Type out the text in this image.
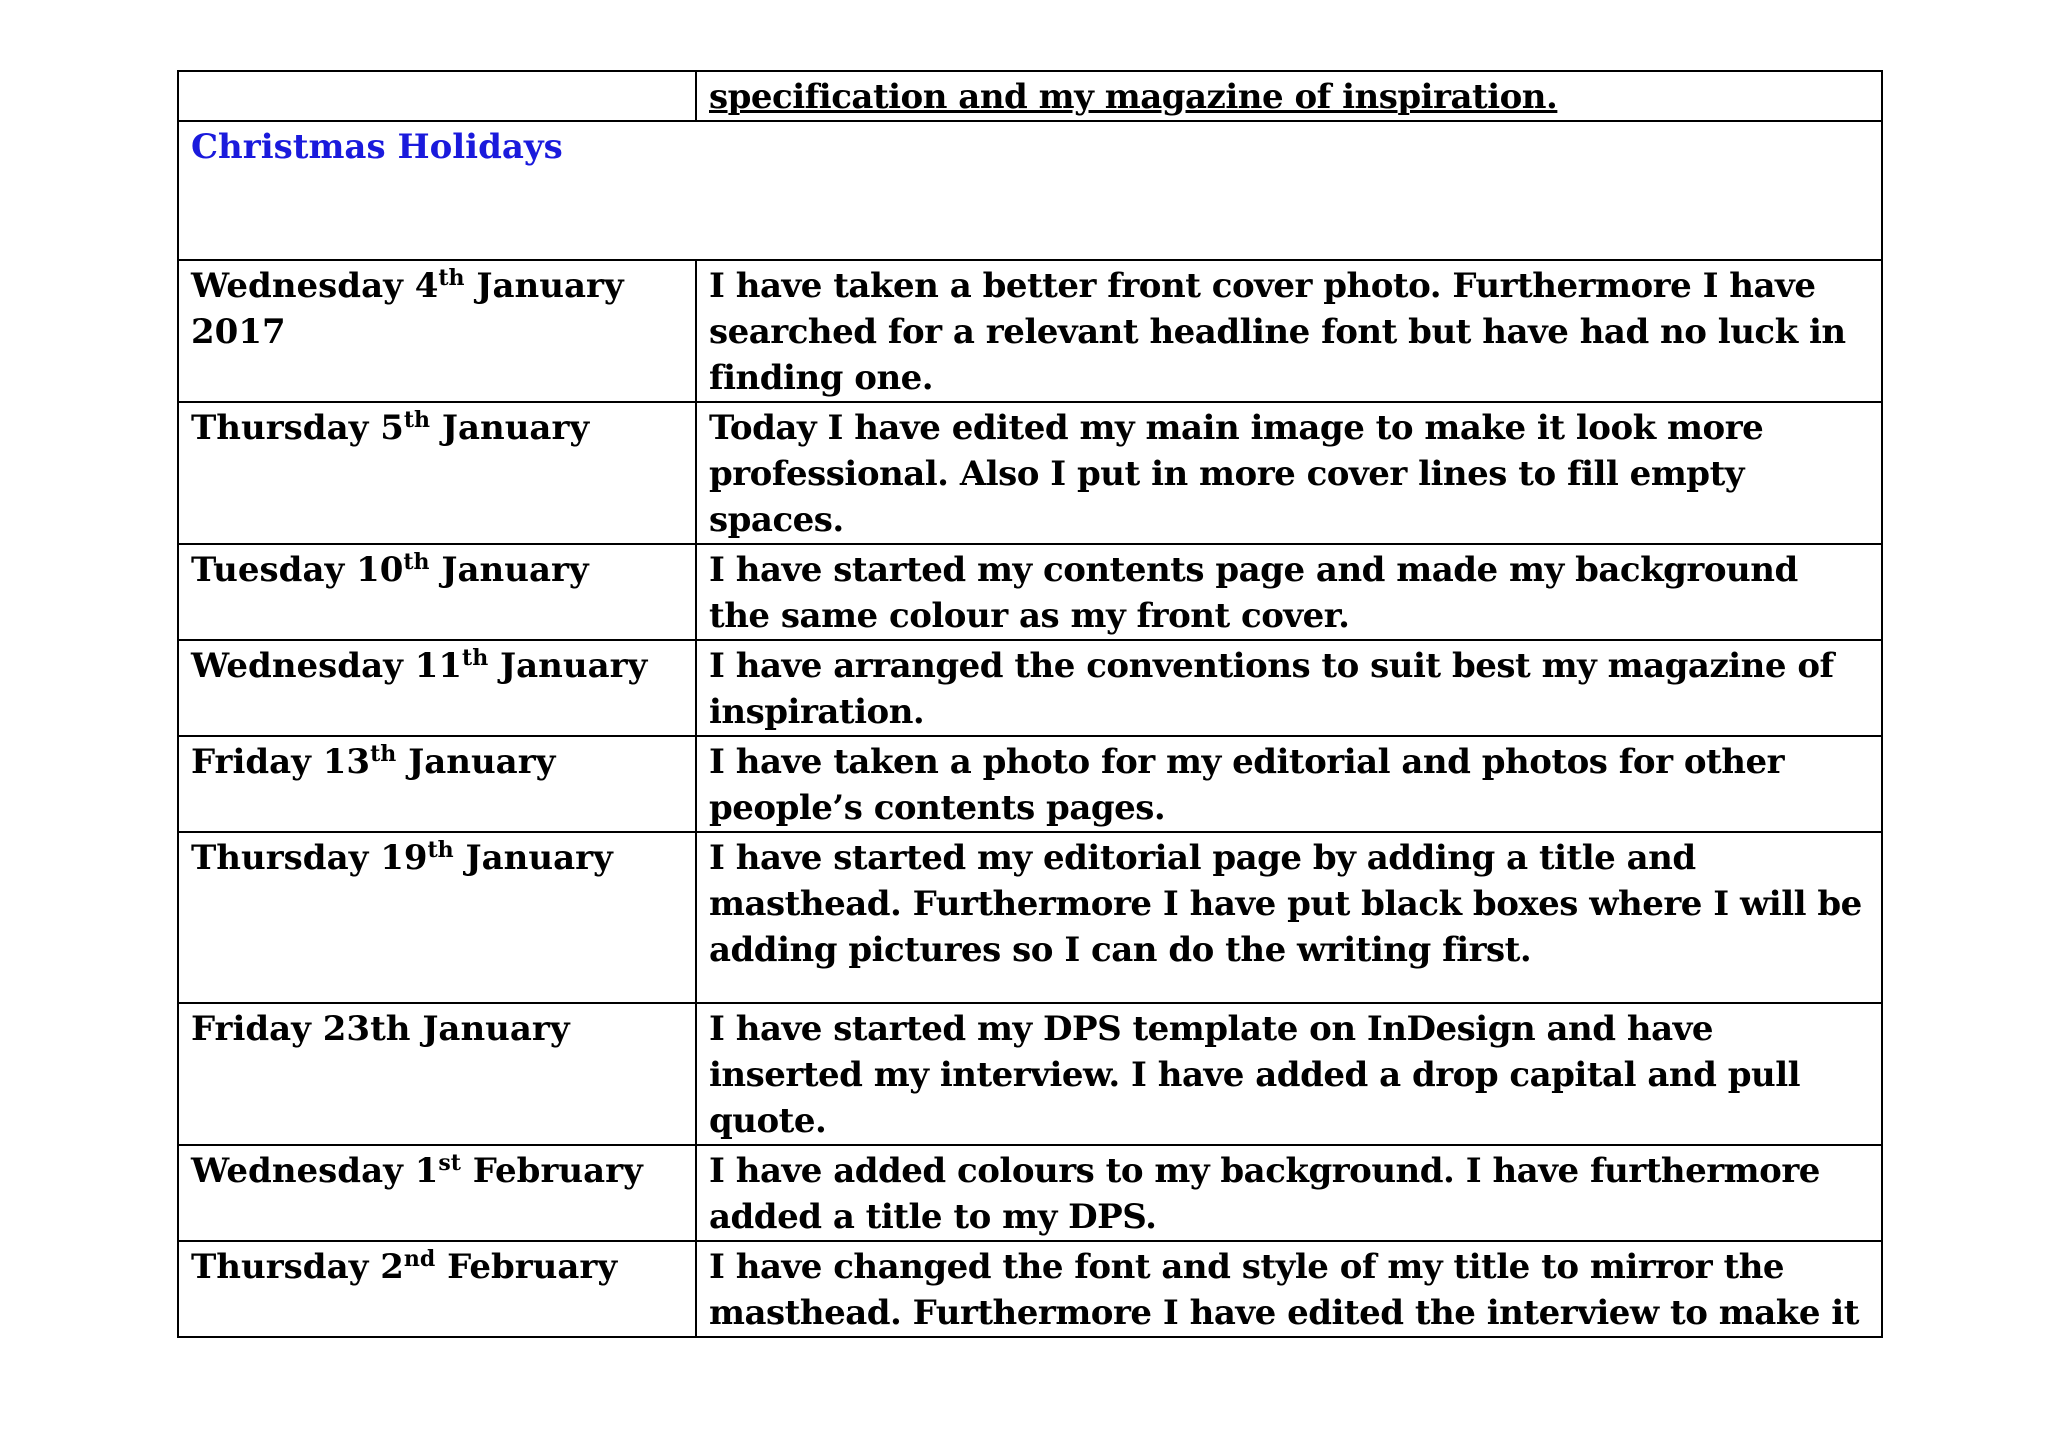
	specification and my magazine of inspiration.
Christmas Holidays	
Wednesday 4th January 2017	I have taken a better front cover photo. Furthermore I have searched for a relevant headline font but have had no luck in finding one.
Thursday 5th January	Today I have edited my main image to make it look more professional. Also I put in more cover lines to fill empty spaces.
Tuesday 10th January	I have started my contents page and made my background the same colour as my front cover.
Wednesday 11th January	I have arranged the conventions to suit best my magazine of inspiration.
Friday 13th January	I have taken a photo for my editorial and photos for other people’s contents pages.
Thursday 19th January	I have started my editorial page by adding a title and masthead. Furthermore I have put black boxes where I will be adding pictures so I can do the writing first.
Friday 23th January	I have started my DPS template on InDesign and have inserted my interview. I have added a drop capital and pull quote.
Wednesday 1st February	I have added colours to my background. I have furthermore added a title to my DPS.
Thursday 2nd February	I have changed the font and style of my title to mirror the masthead. Furthermore I have edited the interview to make it
